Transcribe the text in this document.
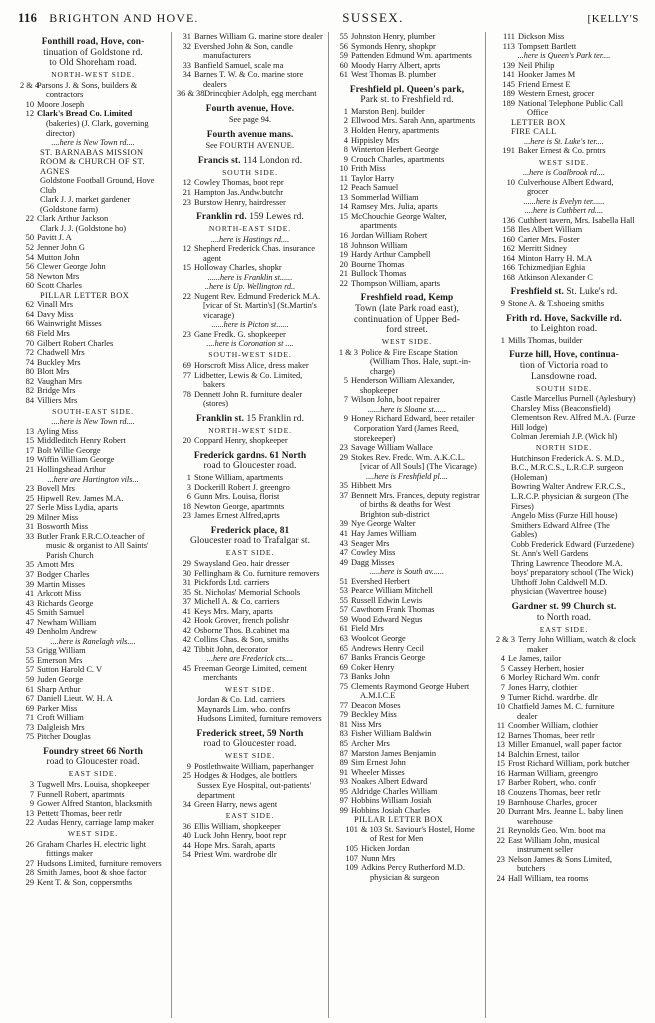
116 BRIGHTON AND HOVE.	SUSSEX.	[KELLY'S
Fonthill road, Hove, con-
tinuation of Goldstone rd.
to Old Shoreham road.
NORTH-WEST SIDE.
2 & 4
Parsons J. & Sons, builders & contractors
10 Moore Joseph
12 Clark's Bread Co. Limited (bakeries) (J. Clark, governing director)
....here is New Town rd....
ST. BARNABAS MISSION ROOM & CHURCH OF ST. AGNES
Goldstone Football Ground, Hove Club
Clark J. J. market gardener (Goldstone farm)
22 Clark Arthur Jackson
Clark J. J. (Goldstone ho)
50 Pavitt J. A
52 Jenner John G
54 Mutton John
56 Clewer George John
58 Newton Mrs
60 Scott Charles
PILLAR LETTER BOX
62 Vinall Mrs
64 Davy Miss
66 Wainwright Misses
68 Field Mrs
70 Gilbert Robert Charles
72 Chadwell Mrs
74 Buckley Mrs
80 Blott Mrs
82 Vaughan Mrs
82 Bridge Mrs
84 Villiers Mrs
SOUTH-EAST SIDE.
....here is New Town rd....
13 Ayling Miss
15 Middleditch Henry Robert
17 Bolt Willie George
19 Wiffin William George
21 Hollingshead Arthur
...here are Hartington vils...
23 Bovell Mrs
25 Hipwell Rev. James M.A.
27 Serle Miss Lydia, aparts
29 Milner Miss
31 Bosworth Miss
33 Butler Frank F.R.C.O.teacher of music & organist to All Saints' Parish Church
35 Amott Mrs
37 Bodger Charles
39 Martin Misses
41 Arkcott Miss
43 Richards George
45 Smith Samuel
47 Newham William
49 Denholm Andrew
....here is Ranelagh vils....
53 Grigg William
55 Emerson Mrs
57 Sutton Harold C. V
59 Juden George
61 Sharp Arthur
67 Daniell Lieut. W. H. A
69 Parker Miss
71 Croft William
73 Dalgleish Mrs
75 Pitcher Douglas
Foundry street 66 North
road to Gloucester road.
EAST SIDE.
3 Tugwell Mrs. Louisa, shopkeeper
7 Funnell Robert, apartmnts
9 Gower Alfred Stanton, blacksmith
13 Pettett Thomas, beer retlr
22 Audas Henry, carriage lamp maker
WEST SIDE.
26 Graham Charles H. electric light fittings maker
27 Hudsons Limited, furniture removers
28 Smith James, boot & shoe factor
29 Kent T. & Son, coppersmths
31 Barnes William G. marine store dealer
32 Evershed John & Son, candle manufacturers
33 Banfield Samuel, scale ma
34 Barnes T. W. & Co. marine store dealers
36 & 38 Drincqbier Adolph, egg merchant
Fourth avenue, Hove.
See page 94.
Fourth avenue mans.
See FOURTH AVENUE.
Francis st. 114 London rd.
SOUTH SIDE.
12 Cowley Thomas, boot repr
21 Hampton Jas.Andw.butchr
23 Burstow Henry, hairdresser
Franklin rd. 159 Lewes rd.
NORTH-EAST SIDE.
....here is Hastings rd....
12 Shepherd Frederick Chas. insurance agent
15 Holloway Charles, shopkr
......here is Franklin st......
..here is Up. Wellington rd..
22 Nugent Rev. Edmund Frederick M.A. [vicar of St. Martin's] (St.Martin's vicarage)
......here is Picton st......
23 Gane Fredk. G. shopkeeper
....here is Coronation st ....
SOUTH-WEST SIDE.
69 Horscroft Miss Alice, dress maker
77 Lidbetter, Lewis & Co. Limited, bakers
78 Dennett John R. furniture dealer (stores)
Franklin st. 15 Franklin rd.
NORTH-WEST SIDE.
20 Coppard Henry, shopkeeper
Frederick gardns. 61 North
road to Gloucester road.
1 Stone William, apartments
3 Dockerill Robert J. greengro
6 Gunn Mrs. Louisa, florist
18 Newton George, apartmnts
23 James Ernest Alfred,aprts
Frederick place, 81
Gloucester road to Trafalgar st.
EAST SIDE.
29 Swaysland Geo. hair dresser
30 Fellingham & Co. furniture removers
31 Pickfords Ltd. carriers
35 St. Nicholas' Memorial Schools
37 Michell A. & Co. carriers
41 Keys Mrs. Mary, aparts
42 Hook Grover, french polishr
42 Osborne Thos. B.cabinet ma
42 Collins Chas. & Son, smiths
42 Tibbit John, decorator
...here are Frederick cts....
45 Freeman George Limited, cement merchants
WEST SIDE.
Jordan & Co. Ltd. carriers
Maynards Lim. who. confrs
Hudsons Limited, furniture removers
Frederick street, 59 North
road to Gloucester road.
WEST SIDE.
9 Postlethwaite William, paperhanger
25 Hodges & Hodges, ale bottlers
Sussex Eye Hospital, out-patients' department
34 Green Harry, news agent
EAST SIDE.
36 Ellis William, shopkeeper
40 Luck John Henry, boot repr
44 Hope Mrs. Sarah, aparts
54 Priest Wm. wardrobe dlr
55 Johnston Henry, plumber
56 Symonds Henry, shopkpr
59 Pattenden Edmund Wm. apartments
60 Moody Harry Albert, aprts
61 West Thomas B. plumber
Freshfield pl. Queen's park,
Park st. to Freshfield rd.
1 Marston Benj. builder
2 Ellwood Mrs. Sarah Ann, apartments
3 Holden Henry, apartments
4 Hippisley Mrs
8 Winterton Herbert George
9 Crouch Charles, apartments
10 Frith Miss
11 Taylor Harry
12 Peach Samuel
13 Sommerlad William
14 Ramsey Mrs. Julia, aparts
15 McChouchie George Walter, apartments
16 Jordan William Robert
18 Johnson William
19 Hardy Arthur Campbell
20 Bourne Thomas
21 Bullock Thomas
22 Thompson William, aparts
Freshfield road, Kemp
Town (late Park road east),
continuation of Upper Bed-
ford street.
WEST SIDE.
1 & 3 Police & Fire Escape Station (William Thos. Hale, supt.-in-charge)
5 Henderson William Alexander, shopkeeper
7 Wilson John, boot repairer
......here is Sloane st......
9 Honey Richard Edward, beer retailer
Corporation Yard (James Reed, storekeeper)
23 Savage William Wallace
29 Stokes Rev. Fredc. Wm. A.K.C.L. [vicar of All Souls] (The Vicarage)
....here is Freshfield pl....
35 Hibbett Mrs
37 Bennett Mrs. Frances, deputy registrar of births & deaths for West Brighton sub-district
39 Nye George Walter
41 Hay James William
43 Seager Mrs
47 Cowley Miss
49 Dagg Misses
.....here is South av......
51 Evershed Herbert
53 Pearce William Mitchell
55 Russell Edwin Lewis
57 Cawthorn Frank Thomas
59 Wood Edward Negus
61 Field Mrs
63 Woolcot George
65 Andrews Henry Cecil
67 Banks Francis George
69 Coker Henry
73 Banks John
75 Clements Raymond George Hubert A.M.I.C.E
77 Deacon Moses
79 Beckley Miss
81 Niss Mrs
83 Fisher William Baldwin
85 Archer Mrs
87 Marston James Benjamin
89 Sim Ernest John
91 Wheeler Misses
93 Noakes Albert Edward
95 Aldridge Charles William
97 Hobbins William Josiah
99 Hobbins Josiah Charles
PILLAR LETTER BOX
101 & 103 St. Saviour's Hostel, Home of Rest for Men
105 Hicken Jordan
107 Nunn Mrs
109 Adkins Percy Rutherford M.D. physician & surgeon
111 Dickson Miss
113 Tompsett Bartlett
...here is Queen's Park ter....
139 Neil Philip
141 Hooker James M
145 Friend Ernest E
189 Western Ernest, grocer
189 National Telephone Public Call Office
LETTER BOX
FIRE CALL
...here is St. Luke's ter....
191 Baker Ernest & Co. prntrs
WEST SIDE.
...here is Coalbrook rd....
10 Culverhouse Albert Edward, grocer
......here is Evelyn ter......
....here is Cuthbert rd....
136 Cuthbert tavern, Mrs. Isabella Hall
158 Iles Albert William
160 Carter Mrs. Foster
162 Merritt Sidney
164 Minton Harry H. M.A
166 Tchizmedjian Eghia
168 Atkinson Alexander C
Freshfield st. St. Luke's rd.
9 Stone A. & T.shoeing smiths
Frith rd. Hove, Sackville rd.
to Leighton road.
1 Mills Thomas, builder
Furze hill, Hove, continua-
tion of Victoria road to
Lansdowne road.
SOUTH SIDE.
Castle Marcellus Purnell (Aylesbury)
Charsley Miss (Beaconsfield)
Clementson Rev. Alfred M.A. (Furze Hill lodge)
Colman Jeremiah J.P. (Wick hl)
NORTH SIDE.
Hutchinson Frederick A. S. M.D., B.C., M.R.C.S., L.R.C.P. surgeon (Holeman)
Bowring Walter Andrew F.R.C.S., L.R.C.P. physician & surgeon (The Firses)
Angelo Miss (Furze Hill house)
Smithers Edward Alfree (The Gables)
Cobb Frederick Edward (Furzedene)
St. Ann's Well Gardens
Thring Lawrence Theodore M.A. boys' preparatory school (The Wick)
Uhthoff John Caldwell M.D. physician (Wavertree house)
Gardner st. 99 Church st.
to North road.
EAST SIDE.
2 & 3 Terry John William, watch & clock maker
4 Le James, tailor
5 Cassey Herbert, hosier
6 Morley Richard Wm. confr
7 Jones Harry, clothier
9 Turner Richd. wardrbe. dlr
10 Chatfield James M. C. furniture dealer
11 Coomber William, clothier
12 Barnes Thomas, beer retlr
13 Miller Emanuel, wall paper factor
14 Balchin Ernest, tailor
15 Frost Richard William, pork butcher
16 Harman William, greengro
17 Barber Robert, who. confr
18 Couzens Thomas, beer retlr
19 Barnhouse Charles, grocer
20 Durrant Mrs. Jeanne L. baby linen warehouse
21 Reynolds Geo. Wm. boot ma
22 East William John, musical instrument seller
23 Nelson James & Sons Limited, butchers
24 Hall William, tea rooms
